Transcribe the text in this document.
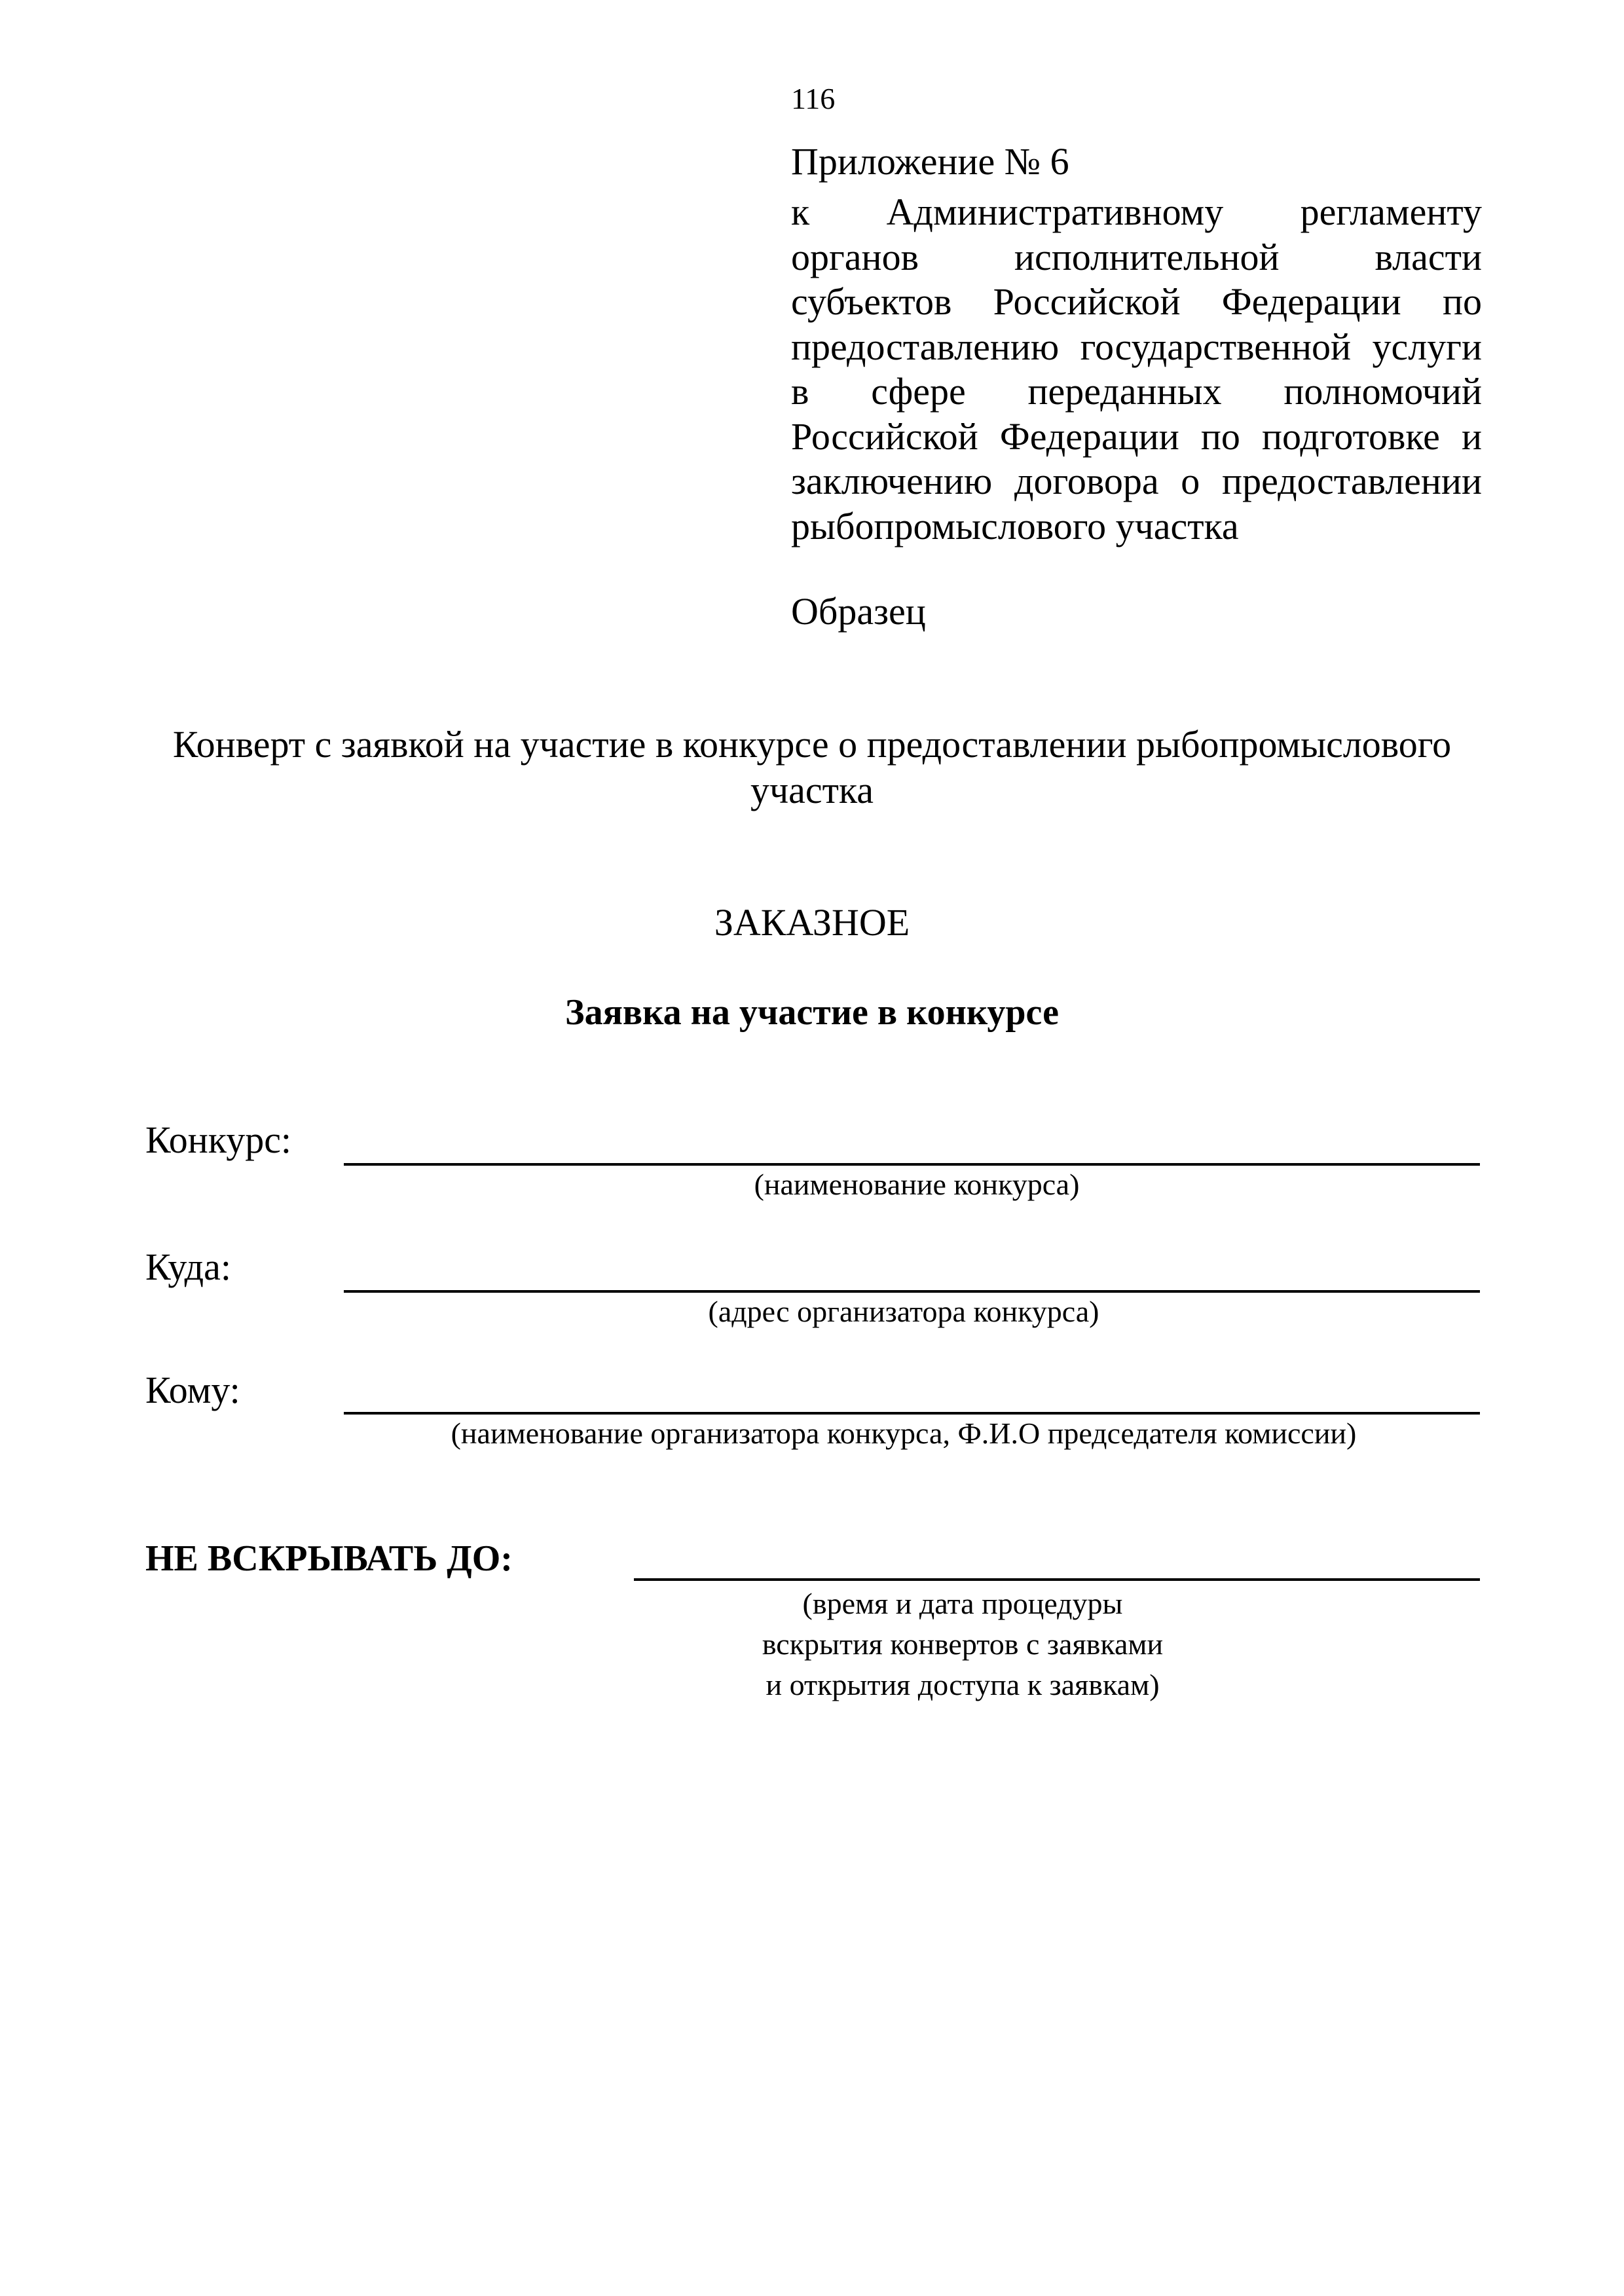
116
Приложение № 6
к Административному регламенту
органов исполнительной власти
субъектов Российской Федерации по
предоставлению государственной услуги
в сфере переданных полномочий
Российской Федерации по подготовке и
заключению договора о предоставлении
рыбопромыслового участка
Образец
Конверт с заявкой на участие в конкурсе о предоставлении рыбопромыслового
участка
ЗАКАЗНОЕ
Заявка на участие в конкурсе
Конкурс:
(наименование конкурса)
Куда:
(адрес организатора конкурса)
Кому:
(наименование организатора конкурса, Ф.И.О председателя комиссии)
НЕ ВСКРЫВАТЬ ДО:
(время и дата процедуры
вскрытия конвертов с заявками
и открытия доступа к заявкам)
